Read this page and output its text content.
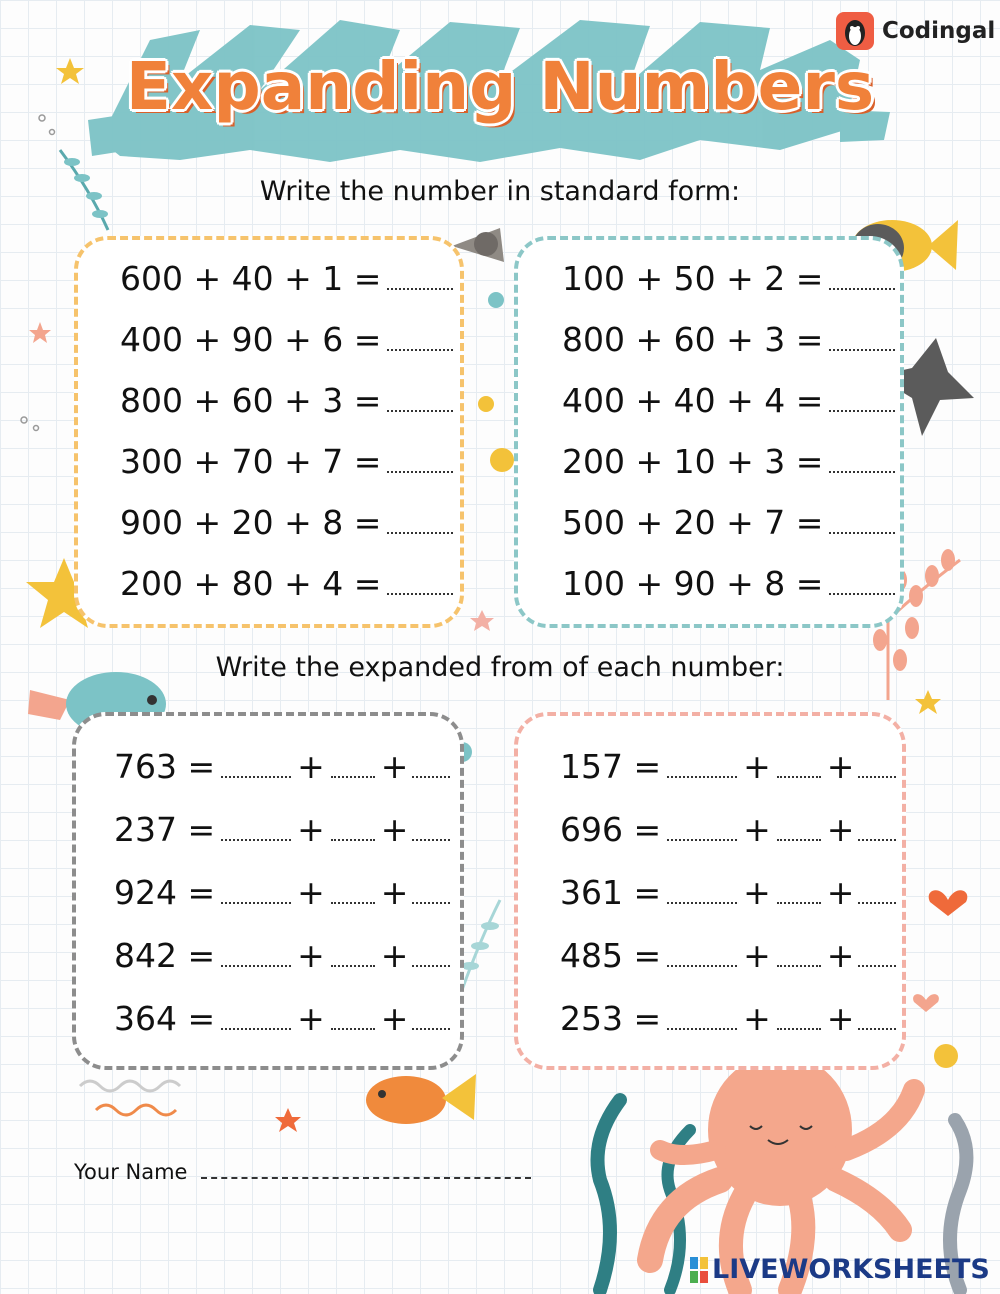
Codingal
Expanding Numbers
Write the number in standard form:
600 + 40 + 1 =
400 + 90 + 6 =
800 + 60 + 3 =
300 + 70 + 7 =
900 + 20 + 8 =
200 + 80 + 4 =
100 + 50 + 2 =
800 + 60 + 3 =
400 + 40 + 4 =
200 + 10 + 3 =
500 + 20 + 7 =
100 + 90 + 8 =
Write the expanded from of each number:
763 = + +
237 = + +
924 = + +
842 = + +
364 = + +
157 = + +
696 = + +
361 = + +
485 = + +
253 = + +
Your Name
LIVEWORKSHEETS
